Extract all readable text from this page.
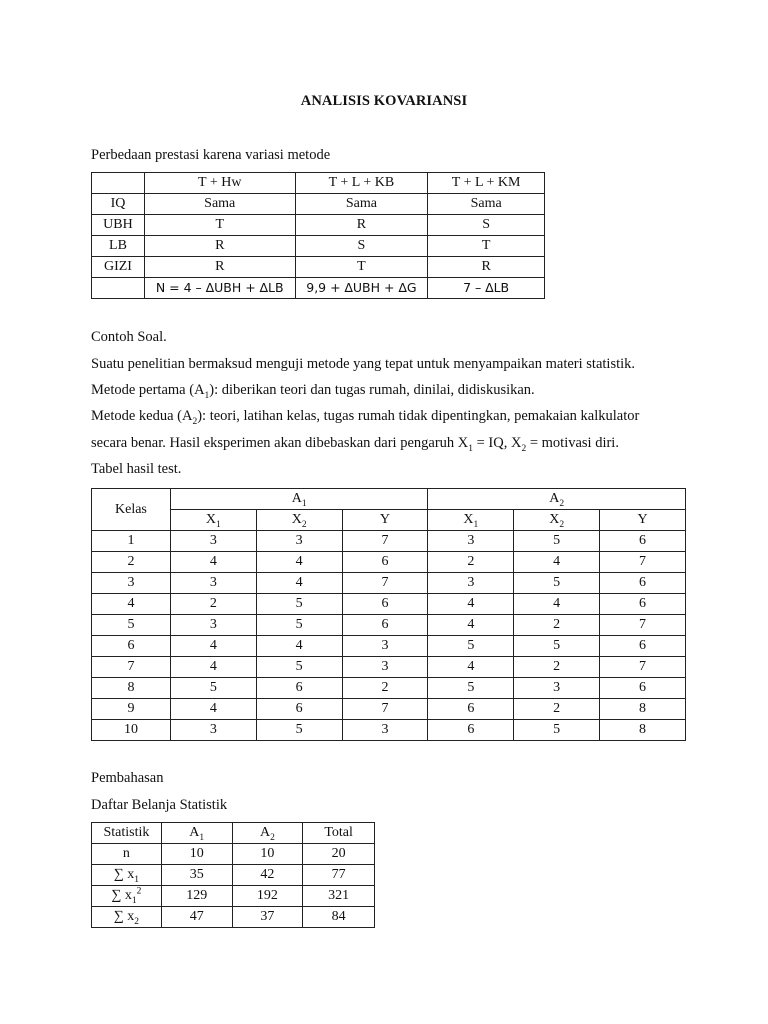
ANALISIS KOVARIANSI
Perbedaan prestasi karena variasi metode
	T + Hw	T + L + KB	T + L + KM
IQ	Sama	Sama	Sama
UBH	T	R	S
LB	R	S	T
GIZI	R	T	R
	N = 4 – ∆UBH + ∆LB	9,9 + ∆UBH + ∆G	7 – ∆LB
Contoh Soal.
Suatu penelitian bermaksud menguji metode yang tepat untuk menyampaikan materi statistik.
Metode pertama $(A_1)$: diberikan teori dan tugas rumah, dinilai, didiskusikan.
Metode kedua $(A_2)$: teori, latihan kelas, tugas rumah tidak dipentingkan, pemakaian kalkulator
secara benar. Hasil eksperimen akan dibebaskan dari pengaruh $X_1$ = IQ, $X_2$ = motivasi diri.
Tabel hasil test.
Kelas	$A_1$			$A_2$
	$X_1$	$X_2$	Y	$X_1$	$X_2$	Y
1	3	3	7	3	5	6
2	4	4	6	2	4	7
3	3	4	7	3	5	6
4	2	5	6	4	4	6
5	3	5	6	4	2	7
6	4	4	3	5	5	6
7	4	5	3	4	2	7
8	5	6	2	5	3	6
9	4	6	7	6	2	8
10	3	5	3	6	5	8
Pembahasan
Daftar Belanja Statistik
Statistik	$A_1$	$A_2$	Total
n	10	10	20
∑ $x_1$	35	42	77
∑ $x_1^2$	129	192	321
∑ $x_2$	47	37	84
